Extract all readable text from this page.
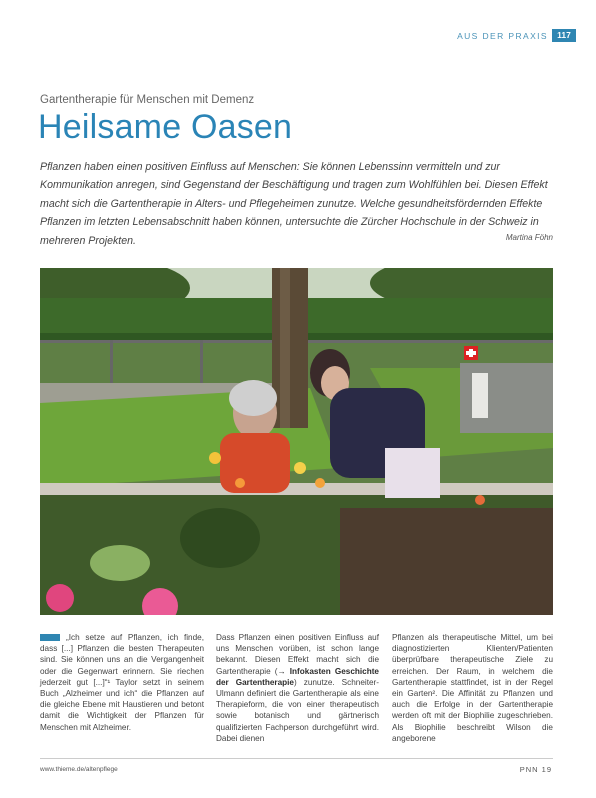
AUS DER PRAXIS	117
Gartentherapie für Menschen mit Demenz
Heilsame Oasen
Pflanzen haben einen positiven Einfluss auf Menschen: Sie können Lebenssinn vermitteln und zur Kommunikation anregen, sind Gegenstand der Beschäftigung und tragen zum Wohlfühlen bei. Diesen Effekt macht sich die Gartentherapie in Alters- und Pflegeheimen zunutze. Welche gesundheitsfördernden Effekte Pflanzen im letzten Lebensabschnitt haben können, untersuchte die Zürcher Hochschule in der Schweiz in mehreren Projekten.	Martina Föhn

„Ich setze auf Pflanzen, ich finde, dass [...] Pflanzen die besten Therapeuten sind. Sie können uns an die Vergangenheit oder die Gegenwart erinnern. Sie riechen jederzeit gut [...]“¹ Taylor setzt in seinem Buch „Alzheimer und ich“ die Pflanzen auf die gleiche Ebene mit Haustieren und betont damit die Wichtigkeit der Pflanzen für Menschen mit Alzheimer.

Dass Pflanzen einen positiven Einfluss auf uns Menschen vorüben, ist schon lange bekannt. Diesen Effekt macht sich die Gartentherapie (→ Infokasten Geschichte der Gartentherapie) zunutze. Schneiter-Ulmann definiert die Gartentherapie als eine Therapieform, die von einer therapeutisch sowie botanisch und gärtnerisch qualifizierten Fachperson durchgeführt wird. Dabei dienen

Pflanzen als therapeutische Mittel, um bei diagnostizierten Klienten/Patienten überprüfbare therapeutische Ziele zu erreichen. Der Raum, in welchem die Gartentherapie stattfindet, ist in der Regel ein Garten². Die Affinität zu Pflanzen und auch die Erfolge in der Gartentherapie werden oft mit der Biophilie zugeschrieben. Als Biophilie beschreibt Wilson die angeborene

www.thieme.de/altenpflege	PNN 19
